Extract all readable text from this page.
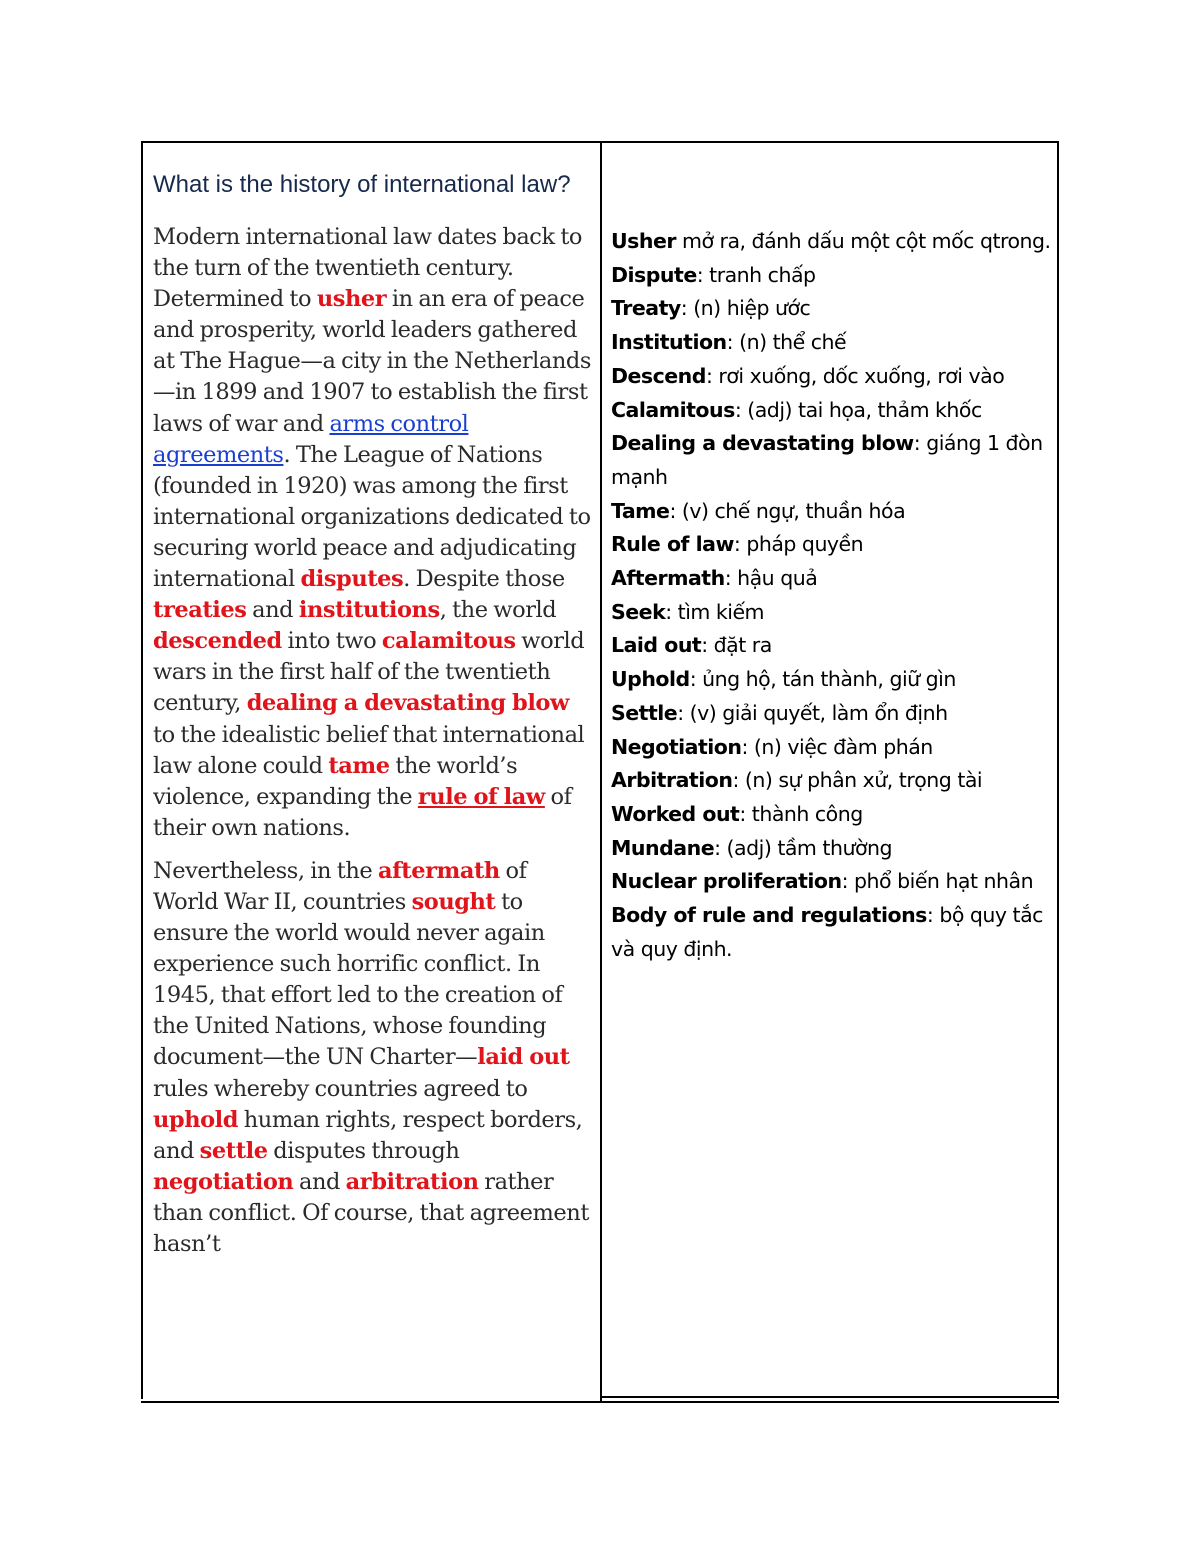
What is the history of international law?

Modern international law dates back to the turn of the twentieth century. Determined to usher in an era of peace and prosperity, world leaders gathered at The Hague—a city in the Netherlands—in 1899 and 1907 to establish the first laws of war and arms control agreements. The League of Nations (founded in 1920) was among the first international organizations dedicated to securing world peace and adjudicating international disputes. Despite those treaties and institutions, the world descended into two calamitous world wars in the first half of the twentieth century, dealing a devastating blow to the idealistic belief that international law alone could tame the world’s violence, expanding the rule of law of their own nations.

Nevertheless, in the aftermath of World War II, countries sought to ensure the world would never again experience such horrific conflict. In 1945, that effort led to the creation of the United Nations, whose founding document—the UN Charter—laid out rules whereby countries agreed to uphold human rights, respect borders, and settle disputes through negotiation and arbitration rather than conflict. Of course, that agreement hasn’t

Usher mở ra, đánh dấu một cột mốc qtrong.

Dispute: tranh chấp

Treaty: (n) hiệp ước

Institution: (n) thể chế

Descend: rơi xuống, dốc xuống, rơi vào

Calamitous: (adj) tai họa, thảm khốc

Dealing a devastating blow: giáng 1 đòn mạnh

Tame: (v) chế ngự, thuần hóa

Rule of law: pháp quyền

Aftermath: hậu quả

Seek: tìm kiếm

Laid out: đặt ra

Uphold: ủng hộ, tán thành, giữ gìn

Settle: (v) giải quyết, làm ổn định

Negotiation: (n) việc đàm phán

Arbitration: (n) sự phân xử, trọng tài

Worked out: thành công

Mundane: (adj) tầm thường

Nuclear proliferation: phổ biến hạt nhân

Body of rule and regulations: bộ quy tắc và quy định.
